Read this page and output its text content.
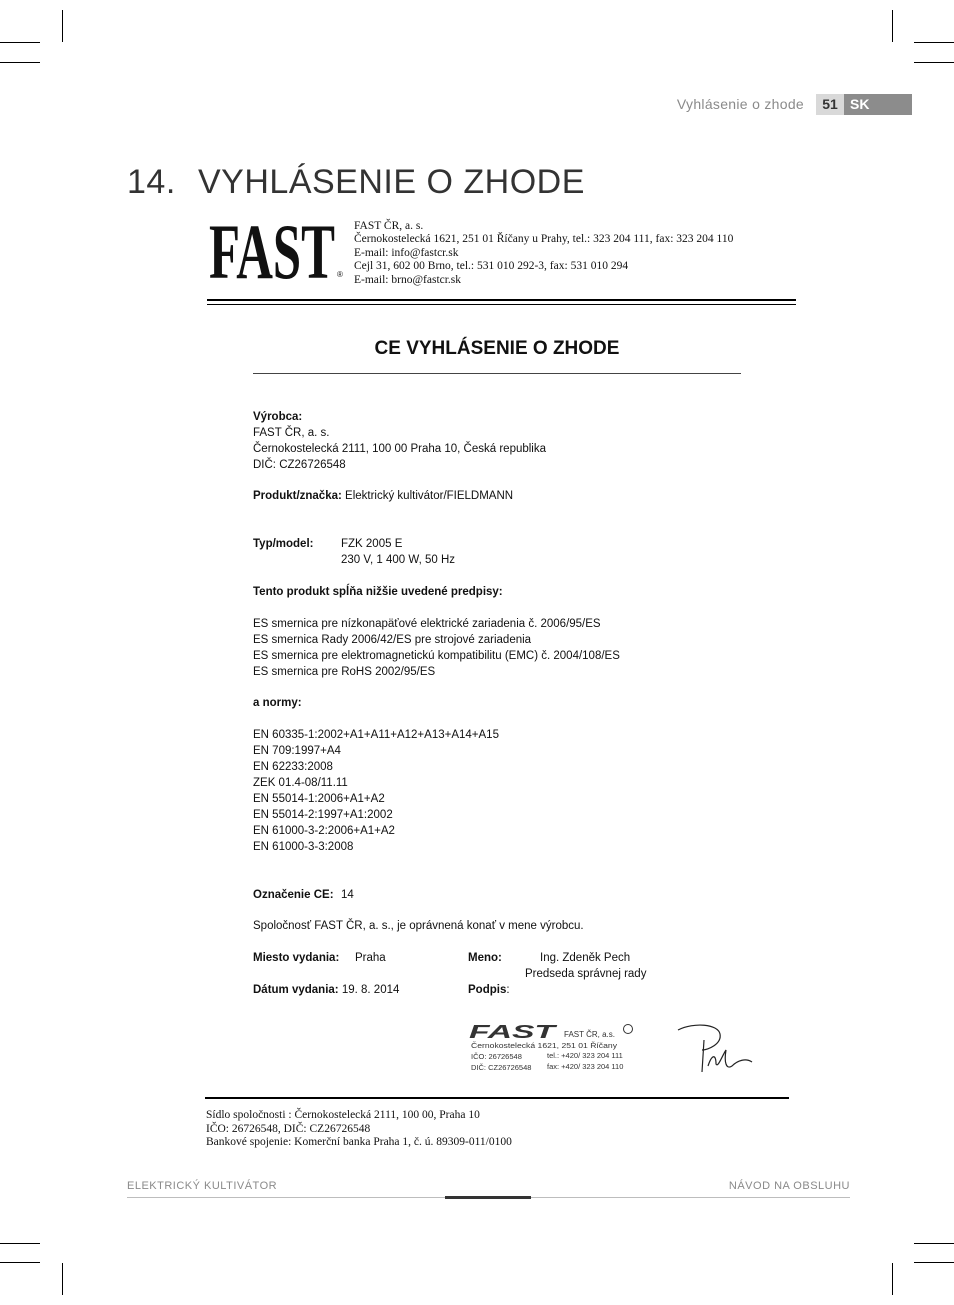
Vyhlásenie o zhode	51 SK
14. VYHLÁSENIE O ZHODE
FAST ®
FAST ČR, a. s.
Černokostelecká 1621, 251 01 Říčany u Prahy, tel.: 323 204 111, fax: 323 204 110
E-mail: info@fastcr.sk
Cejl 31, 602 00 Brno, tel.: 531 010 292-3, fax: 531 010 294
E-mail: brno@fastcr.sk
CE VYHLÁSENIE O ZHODE
Výrobca:
FAST ČR, a. s.
Černokostelecká 2111, 100 00 Praha 10, Česká republika
DIČ: CZ26726548
Produkt/značka: Elektrický kultivátor/FIELDMANN
Typ/model: FZK 2005 E
230 V, 1 400 W, 50 Hz
Tento produkt spĺňa nižšie uvedené predpisy:
ES smernica pre nízkonapäťové elektrické zariadenia č. 2006/95/ES
ES smernica Rady 2006/42/ES pre strojové zariadenia
ES smernica pre elektromagnetickú kompatibilitu (EMC) č. 2004/108/ES
ES smernica pre RoHS 2002/95/ES
a normy:
EN 60335-1:2002+A1+A11+A12+A13+A14+A15
EN 709:1997+A4
EN 62233:2008
ZEK 01.4-08/11.11
EN 55014-1:2006+A1+A2
EN 55014-2:1997+A1:2002
EN 61000-3-2:2006+A1+A2
EN 61000-3-3:2008
Označenie CE: 14
Spoločnosť FAST ČR, a. s., je oprávnená konať v mene výrobcu.
Miesto vydania: Praha	Meno:	Ing. Zdeněk Pech
Predseda správnej rady
Dátum vydania: 19. 8. 2014	Podpis:
FAST FAST ČR, a.s.
Černokostelecká 1621, 251 01 Říčany
IČO: 26726548	tel.: +420/ 323 204 111
DIČ: CZ26726548 fax: +420/ 323 204 110
Sídlo spoločnosti : Černokostelecká 2111, 100 00, Praha 10
IČO: 26726548, DIČ: CZ26726548
Bankové spojenie: Komerční banka Praha 1, č. ú. 89309-011/0100
ELEKTRICKÝ KULTIVÁTOR	NÁVOD NA OBSLUHU
